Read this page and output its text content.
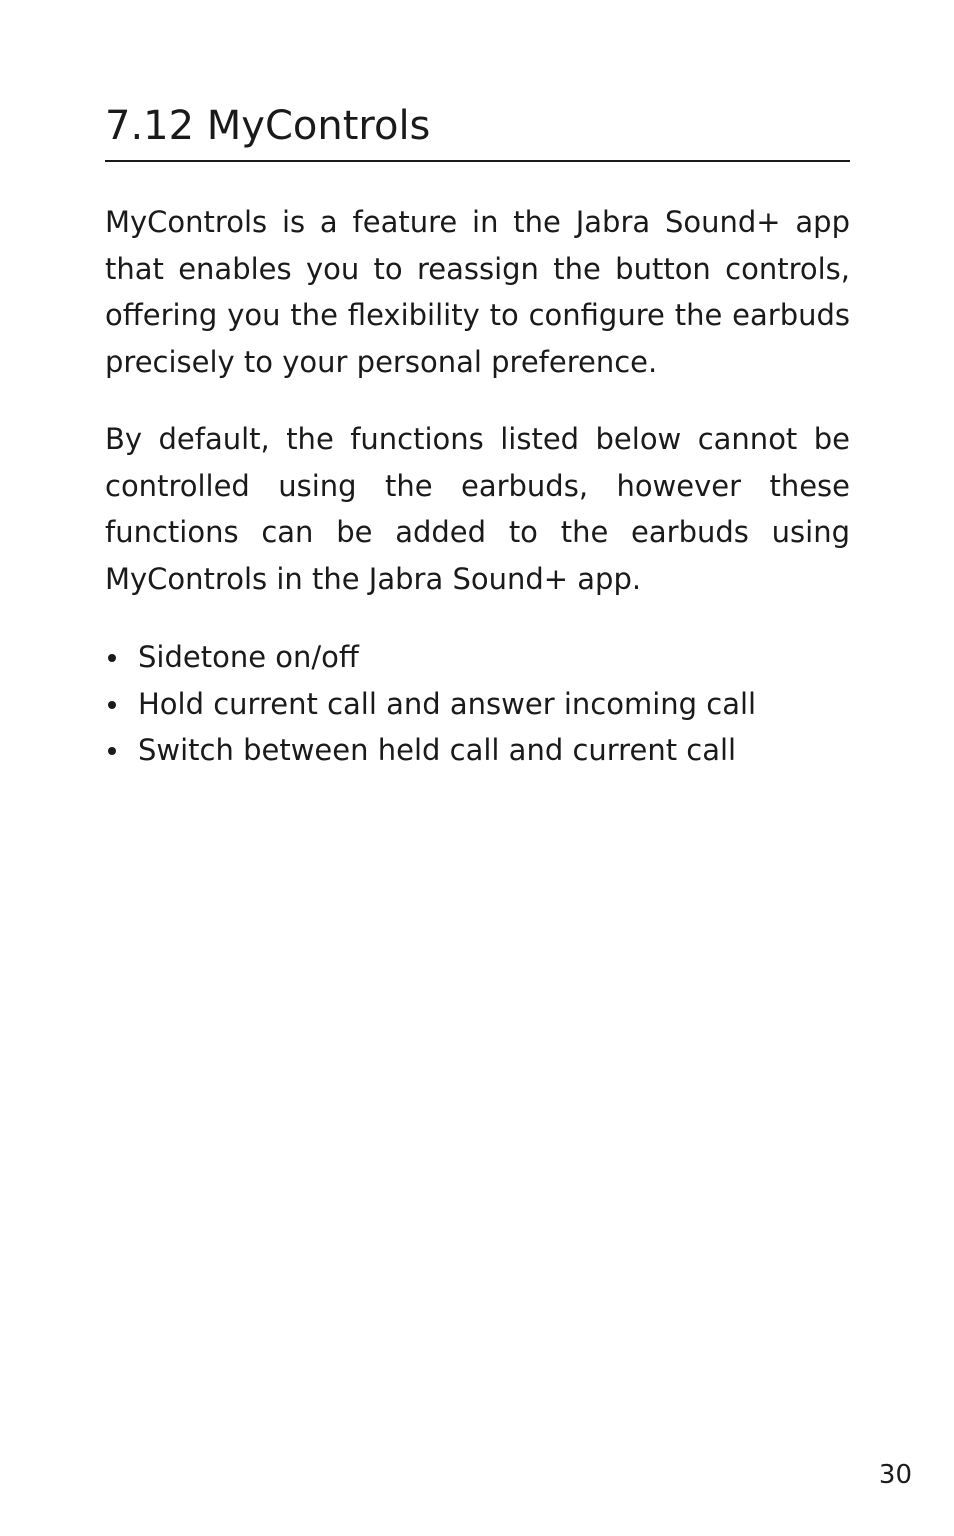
7.12 MyControls

MyControls is a feature in the Jabra Sound+ app that enables you to reassign the button controls, offering you the flexibility to configure the earbuds precisely to your personal preference.

By default, the functions listed below cannot be controlled using the earbuds, however these functions can be added to the earbuds using MyControls in the Jabra Sound+ app.

Sidetone on/off
Hold current call and answer incoming call
Switch between held call and current call
30
